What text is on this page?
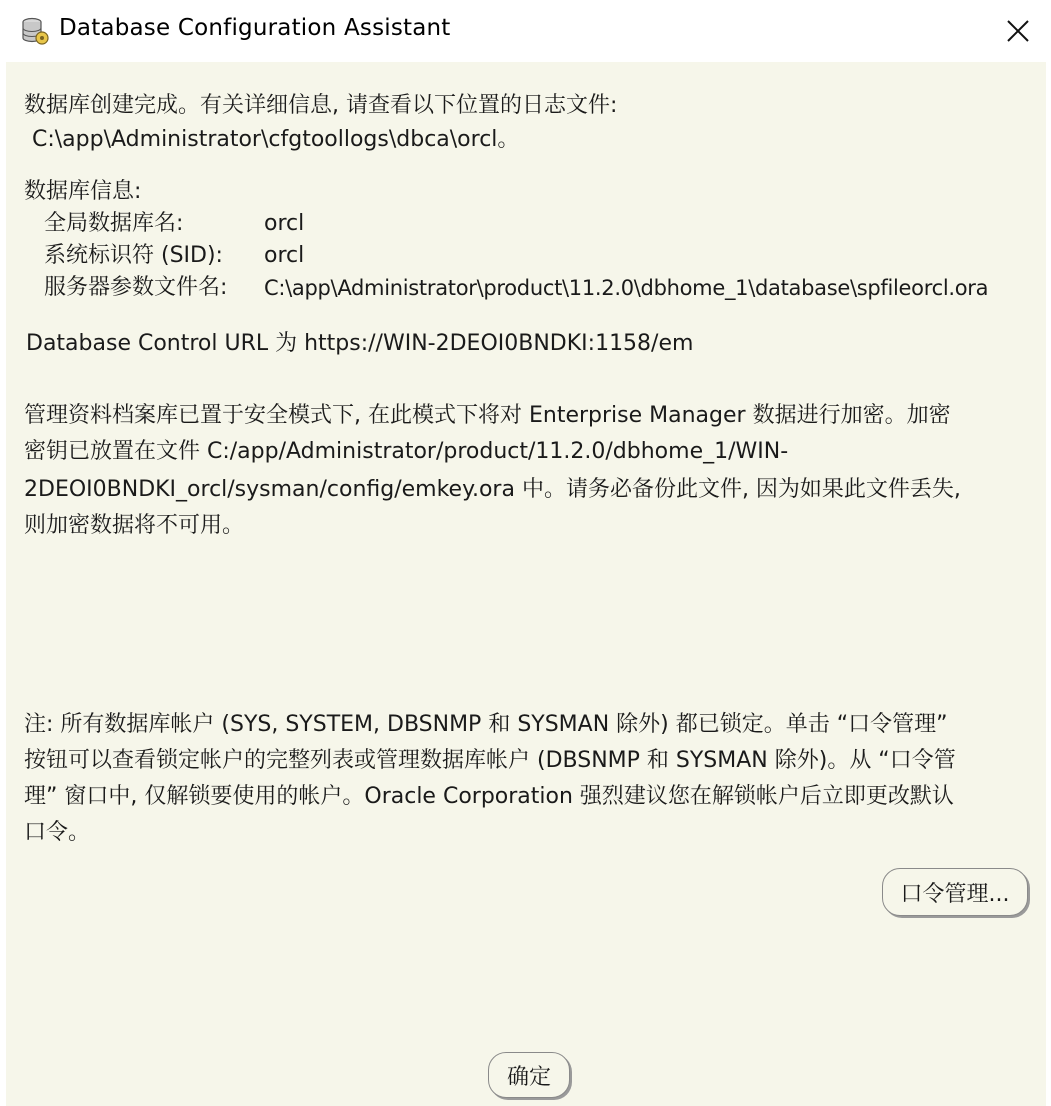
Database Configuration Assistant
数据库创建完成。有关详细信息, 请查看以下位置的日志文件:
C:\app\Administrator\cfgtoollogs\dbca\orcl。
数据库信息:
全局数据库名:	orcl
系统标识符 (SID): orcl
服务器参数文件名: C:\app\Administrator\product\11.2.0\dbhome_1\database\spfileorcl.ora
Database Control URL 为 https://WIN-2DEOI0BNDKI:1158/em
管理资料档案库已置于安全模式下, 在此模式下将对 Enterprise Manager 数据进行加密。加密
密钥已放置在文件 C:/app/Administrator/product/11.2.0/dbhome_1/WIN-
2DEOI0BNDKI_orcl/sysman/config/emkey.ora 中。请务必备份此文件, 因为如果此文件丢失,
则加密数据将不可用。
注: 所有数据库帐户 (SYS, SYSTEM, DBSNMP 和 SYSMAN 除外) 都已锁定。单击 “口令管理”
按钮可以查看锁定帐户的完整列表或管理数据库帐户 (DBSNMP 和 SYSMAN 除外)。从 “口令管
理” 窗口中, 仅解锁要使用的帐户。Oracle Corporation 强烈建议您在解锁帐户后立即更改默认
口令。
口令管理...
确定
